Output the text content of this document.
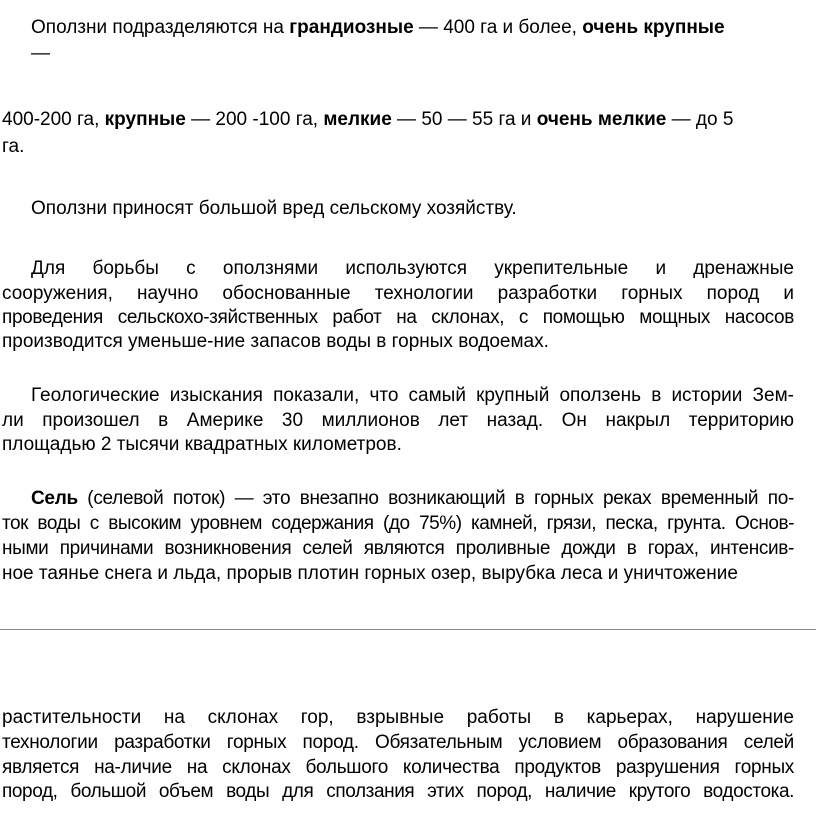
Оползни подразделяются на грандиозные — 400 га и более, очень крупные

—

400-200 га, крупные — 200 -100 га, мелкие — 50 — 55 га и очень мелкие — до 5

га.

Оползни приносят большой вред сельскому хозяйству.

Для борьбы с оползнями используются укрепительные и дренажные

сооружения, научно обоснованные технологии разработки горных пород и

проведения сельскохо-зяйственных работ на склонах, с помощью мощных насосов

производится уменьше-ние запасов воды в горных водоемах.

Геологические изыскания показали, что самый крупный оползень в истории Зем-

ли произошел в Америке 30 миллионов лет назад. Он накрыл территорию

площадью 2 тысячи квадратных километров.

Сель (селевой поток) — это внезапно возникающий в горных реках временный по-

ток воды с высоким уровнем содержания (до 75%) камней, грязи, песка, грунта. Основ-

ными причинами возникновения селей являются проливные дожди в горах, интенсив-

ное таянье снега и льда, прорыв плотин горных озер, вырубка леса и уничтожение

растительности на склонах гор, взрывные работы в карьерах, нарушение

технологии разработки горных пород. Обязательным условием образования селей

является на-личие на склонах большого количества продуктов разрушения горных

пород, большой объем воды для сползания этих пород, наличие крутого водостока.
